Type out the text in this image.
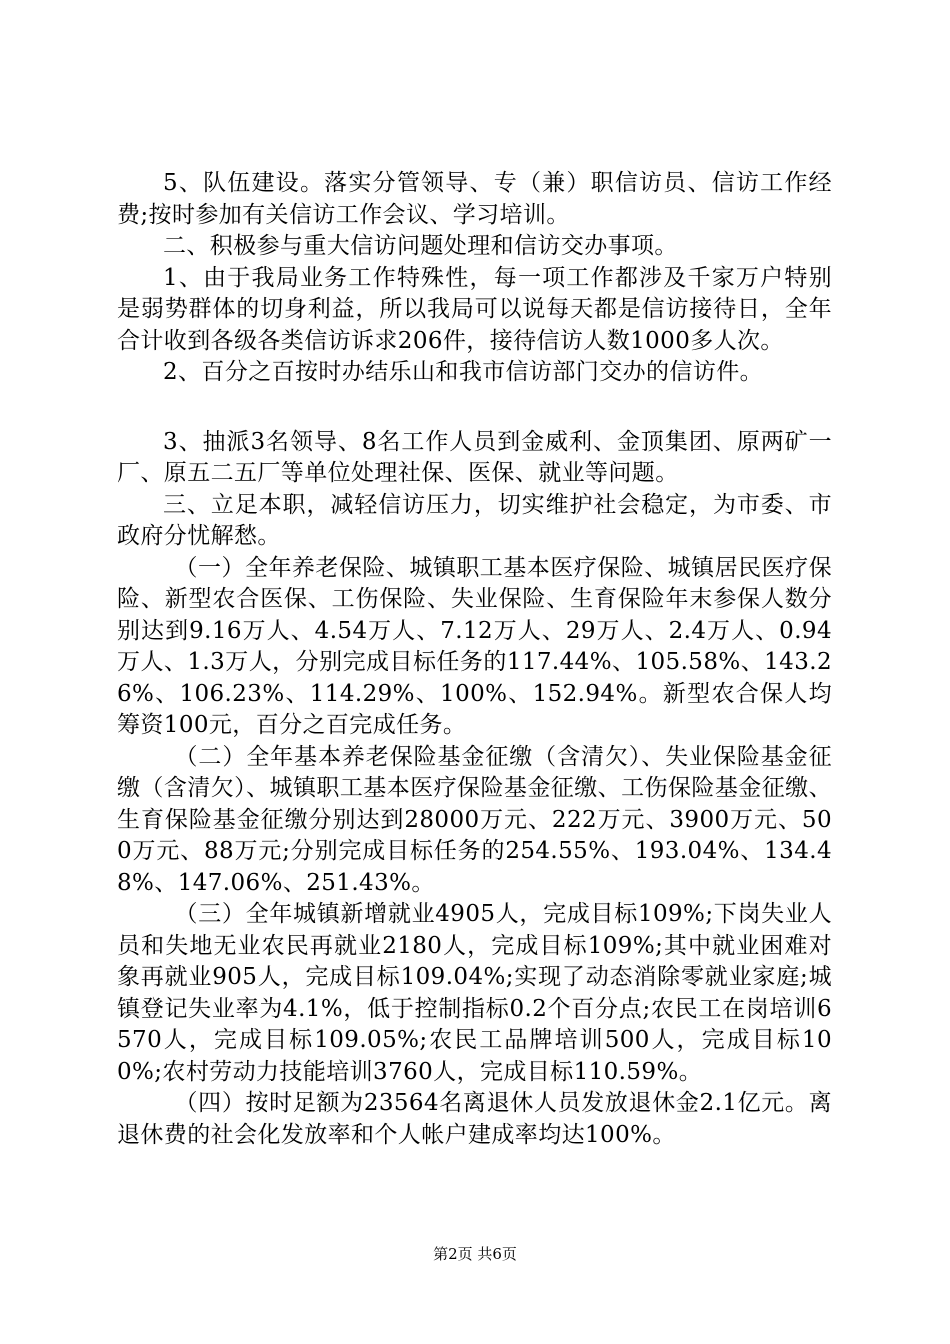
5、队伍建设。落实分管领导、专（兼）职信访员、信访工作经费;按时参加有关信访工作会议、学习培训。

二、积极参与重大信访问题处理和信访交办事项。

1、由于我局业务工作特殊性，每一项工作都涉及千家万户特别是弱势群体的切身利益，所以我局可以说每天都是信访接待日，全年合计收到各级各类信访诉求206件，接待信访人数1000多人次。

2、百分之百按时办结乐山和我市信访部门交办的信访件。

3、抽派3名领导、8名工作人员到金威利、金顶集团、原两矿一厂、原五二五厂等单位处理社保、医保、就业等问题。

三、立足本职，减轻信访压力，切实维护社会稳定，为市委、市政府分忧解愁。

（一）全年养老保险、城镇职工基本医疗保险、城镇居民医疗保险、新型农合医保、工伤保险、失业保险、生育保险年末参保人数分别达到9.16万人、4.54万人、7.12万人、29万人、2.4万人、0.94万人、1.3万人，分别完成目标任务的117.44%、105.58%、143.26%、106.23%、114.29%、100%、152.94%。新型农合保人均筹资100元，百分之百完成任务。

（二）全年基本养老保险基金征缴（含清欠）、失业保险基金征缴（含清欠）、城镇职工基本医疗保险基金征缴、工伤保险基金征缴、生育保险基金征缴分别达到28000万元、222万元、3900万元、500万元、88万元;分别完成目标任务的254.55%、193.04%、134.48%、147.06%、251.43%。

（三）全年城镇新增就业4905人，完成目标109%;下岗失业人员和失地无业农民再就业2180人，完成目标109%;其中就业困难对象再就业905人，完成目标109.04%;实现了动态消除零就业家庭;城镇登记失业率为4.1%，低于控制指标0.2个百分点;农民工在岗培训6570人，完成目标109.05%;农民工品牌培训500人，完成目标100%;农村劳动力技能培训3760人，完成目标110.59%。

（四）按时足额为23564名离退休人员发放退休金2.1亿元。离退休费的社会化发放率和个人帐户建成率均达100%。

第2页 共6页
